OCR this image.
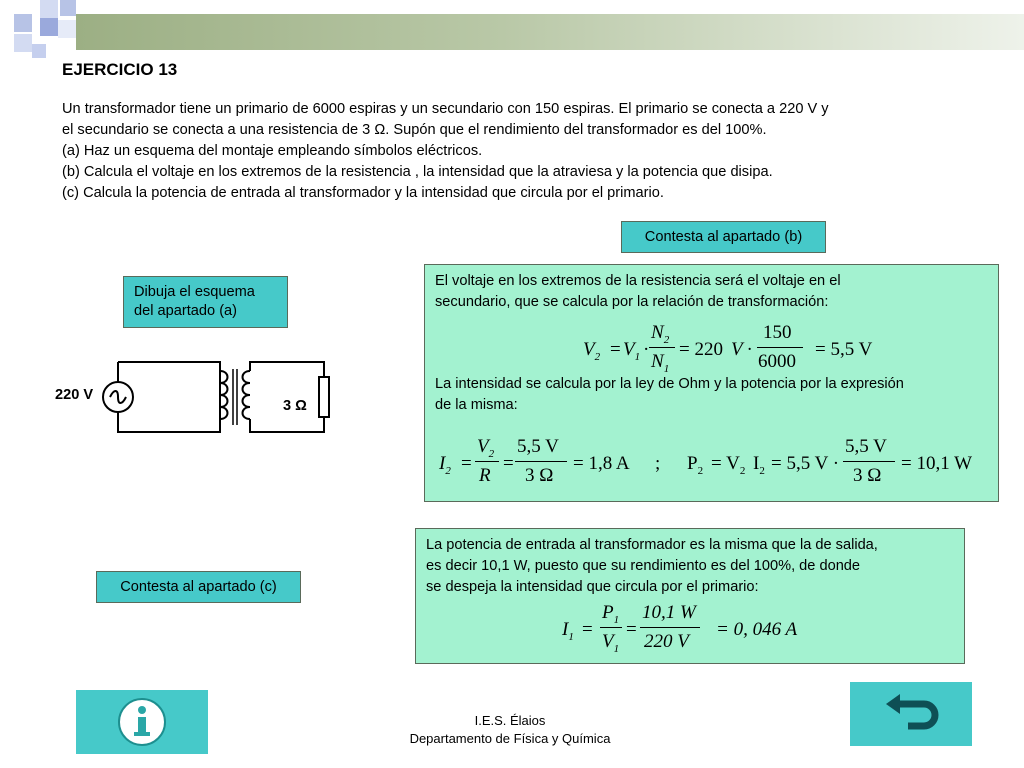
EJERCICIO 13
Un transformador tiene un primario de 6000 espiras y un secundario con 150 espiras. El primario se conecta a 220 V y
el secundario se conecta a una resistencia de 3 Ω. Supón que el rendimiento del transformador es del 100%.
(a) Haz un esquema del montaje empleando símbolos eléctricos.
(b) Calcula el voltaje en los extremos de la resistencia , la intensidad que la atraviesa y la potencia que disipa.
(c) Calcula la potencia de entrada al transformador y la intensidad que circula por el primario.
Contesta al apartado (b)
Dibuja el esquema
del apartado (a)
Contesta al apartado (c)
220 V
3 Ω
El voltaje en los extremos de la resistencia será el voltaje en el
secundario, que se calcula por la relación de transformación:
$V_2 = V_1$ ·
$N_2$
$N_1$
= 220 V ·
150
6000
= 5,5 V
La intensidad se calcula por la ley de Ohm y la potencia por la expresión
de la misma:
$I_2$ =
$V_2$
R
=
5,5 V
3 Ω
= 1,8 A ; $P_2 = V_2$ $I_2 = 5,5$ V ·
5,5 V
3 Ω
= 10,1 W
La potencia de entrada al transformador es la misma que la de salida,
es decir 10,1 W, puesto que su rendimiento es del 100%, de donde
se despeja la intensidad que circula por el primario:
$I_1$ =
$P_1$
$V_1$
=
10,1 W
220 V
= 0, 046 A
I.E.S. Élaios
Departamento de Física y Química
